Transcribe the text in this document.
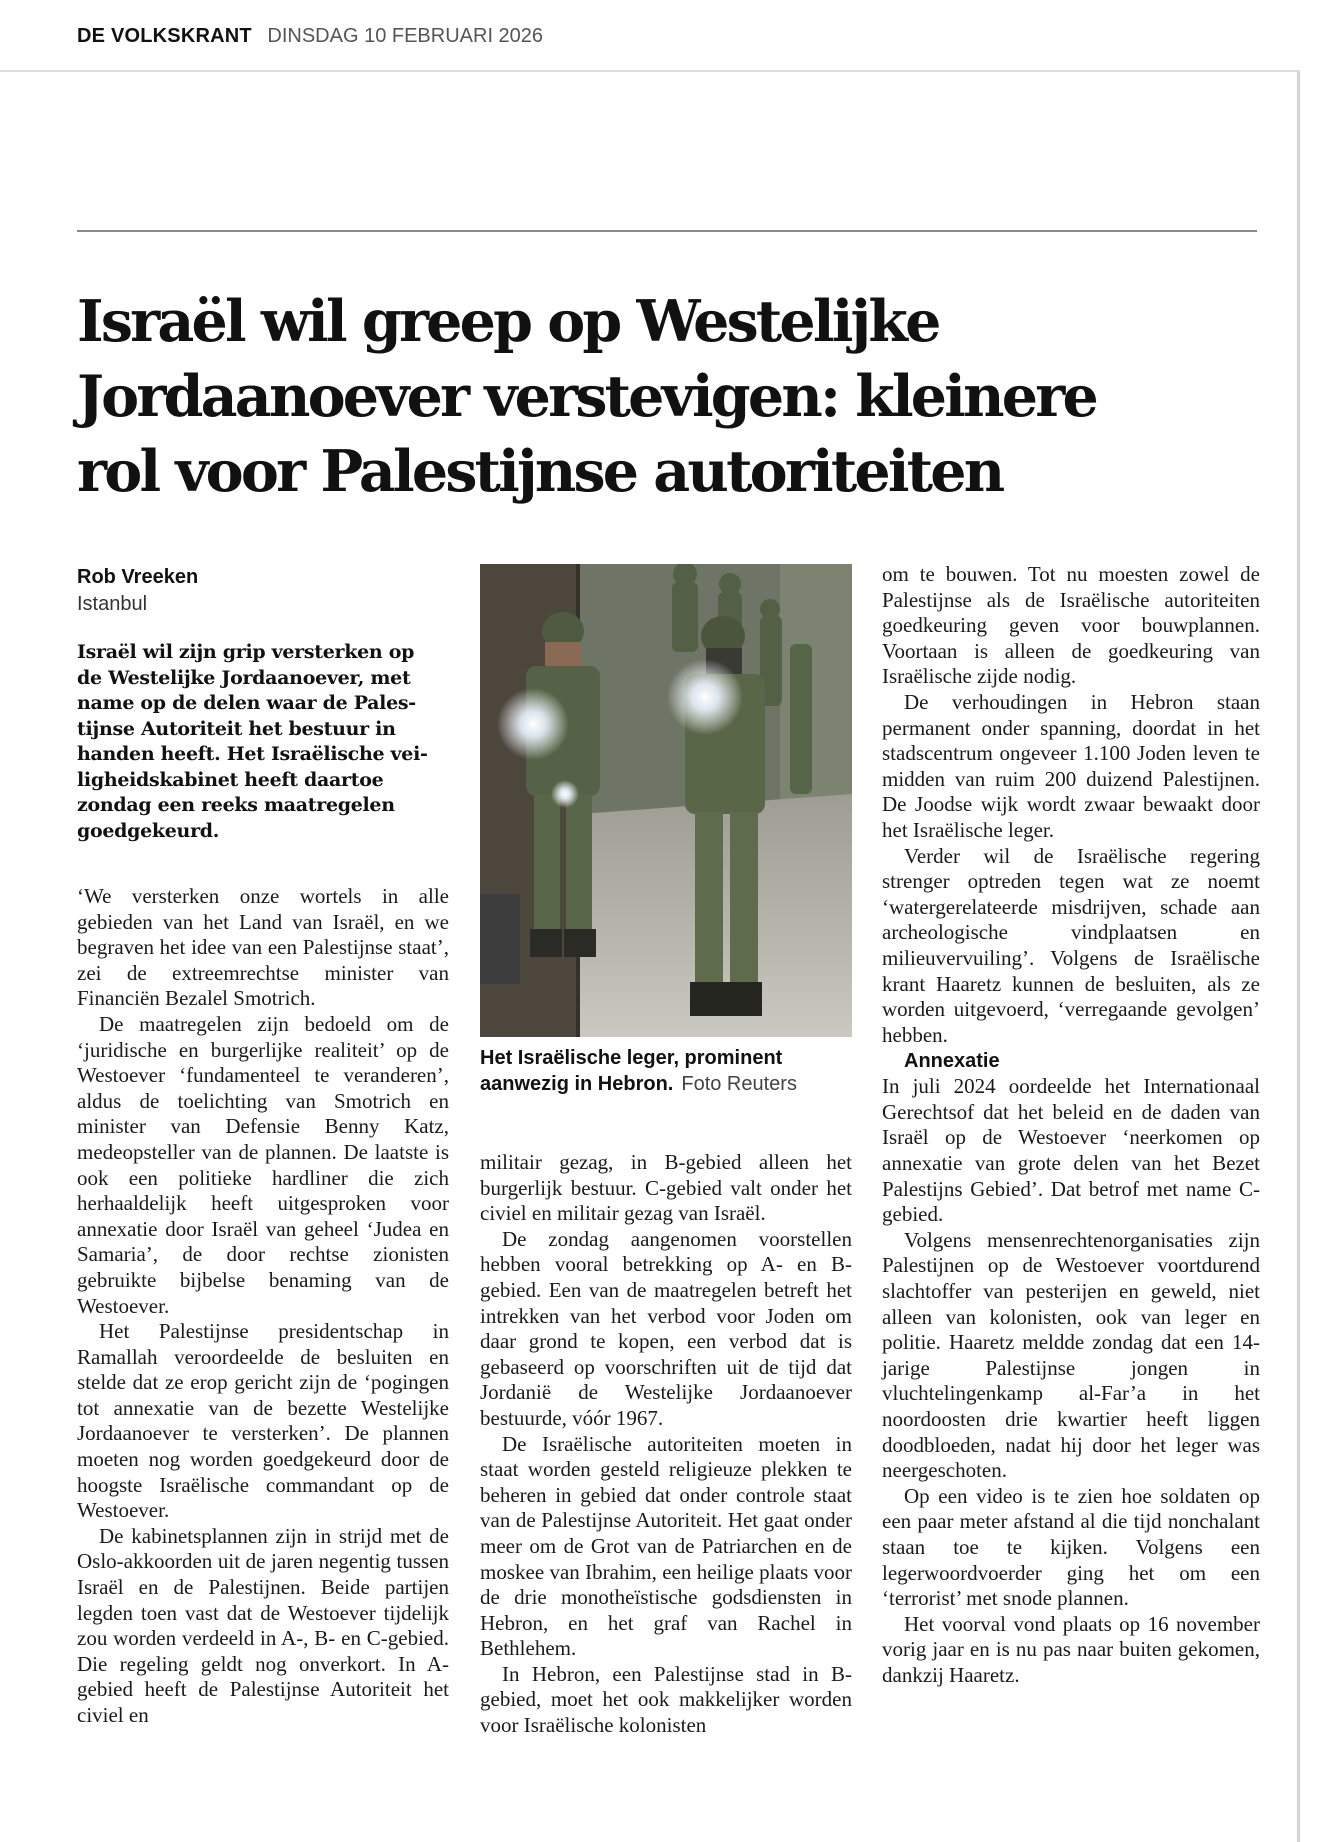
DE VOLKSKRANT DINSDAG 10 FEBRUARI 2026
Israël wil greep op Westelijke
Jordaanoever verstevigen: kleinere
rol voor Palestijnse autoriteiten
Rob Vreeken
Istanbul
Israël wil zijn grip versterken op
de Westelijke Jordaanoever, met
name op de delen waar de Pales-
tijnse Autoriteit het bestuur in
handen heeft. Het Israëlische vei-
ligheidskabinet heeft daartoe
zondag een reeks maatregelen
goedgekeurd.

‘We versterken onze wortels in alle gebieden van het Land van Israël, en we begraven het idee van een Palestijnse staat’, zei de extreemrechtse minister van Financiën Bezalel Smotrich.

De maatregelen zijn bedoeld om de ‘juridische en burgerlijke realiteit’ op de Westoever ‘fundamenteel te veranderen’, aldus de toelichting van Smotrich en minister van Defensie Benny Katz, medeopsteller van de plannen. De laatste is ook een politieke hardliner die zich herhaaldelijk heeft uitgesproken voor annexatie door Israël van geheel ‘Judea en Samaria’, de door rechtse zionisten gebruikte bijbelse benaming van de Westoever.

Het Palestijnse presidentschap in Ramallah veroordeelde de besluiten en stelde dat ze erop gericht zijn de ‘pogingen tot annexatie van de bezette Westelijke Jordaanoever te versterken’. De plannen moeten nog worden goedgekeurd door de hoogste Israëlische commandant op de Westoever.

De kabinetsplannen zijn in strijd met de Oslo-akkoorden uit de jaren negentig tussen Israël en de Palestijnen. Beide partijen legden toen vast dat de Westoever tijdelijk zou worden verdeeld in A-, B- en C-gebied. Die regeling geldt nog onverkort. In A-gebied heeft de Palestijnse Autoriteit het civiel en

Het Israëlische leger, prominent aanwezig in Hebron. Foto Reuters

militair gezag, in B-gebied alleen het burgerlijk bestuur. C-gebied valt onder het civiel en militair gezag van Israël.

De zondag aangenomen voorstellen hebben vooral betrekking op A- en B-gebied. Een van de maatregelen betreft het intrekken van het verbod voor Joden om daar grond te kopen, een verbod dat is gebaseerd op voorschriften uit de tijd dat Jordanië de Westelijke Jordaanoever bestuurde, vóór 1967.

De Israëlische autoriteiten moeten in staat worden gesteld religieuze plekken te beheren in gebied dat onder controle staat van de Palestijnse Autoriteit. Het gaat onder meer om de Grot van de Patriarchen en de moskee van Ibrahim, een heilige plaats voor de drie monotheïstische godsdiensten in Hebron, en het graf van Rachel in Bethlehem.

In Hebron, een Palestijnse stad in B-gebied, moet het ook makkelijker worden voor Israëlische kolonisten

om te bouwen. Tot nu moesten zowel de Palestijnse als de Israëlische autoriteiten goedkeuring geven voor bouwplannen. Voortaan is alleen de goedkeuring van Israëlische zijde nodig.

De verhoudingen in Hebron staan permanent onder spanning, doordat in het stadscentrum ongeveer 1.100 Joden leven te midden van ruim 200 duizend Palestijnen. De Joodse wijk wordt zwaar bewaakt door het Israëlische leger.

Verder wil de Israëlische regering strenger optreden tegen wat ze noemt ‘watergerelateerde misdrijven, schade aan archeologische vindplaatsen en milieuvervuiling’. Volgens de Israëlische krant Haaretz kunnen de besluiten, als ze worden uitgevoerd, ‘verregaande gevolgen’ hebben.

Annexatie

In juli 2024 oordeelde het Internationaal Gerechtsof dat het beleid en de daden van Israël op de Westoever ‘neerkomen op annexatie van grote delen van het Bezet Palestijns Gebied’. Dat betrof met name C-gebied.

Volgens mensenrechtenorganisaties zijn Palestijnen op de Westoever voortdurend slachtoffer van pesterijen en geweld, niet alleen van kolonisten, ook van leger en politie. Haaretz meldde zondag dat een 14-jarige Palestijnse jongen in vluchtelingenkamp al-Far’a in het noordoosten drie kwartier heeft liggen doodbloeden, nadat hij door het leger was neergeschoten.

Op een video is te zien hoe soldaten op een paar meter afstand al die tijd nonchalant staan toe te kijken. Volgens een legerwoordvoerder ging het om een ‘terrorist’ met snode plannen.

Het voorval vond plaats op 16 november vorig jaar en is nu pas naar buiten gekomen, dankzij Haaretz.
